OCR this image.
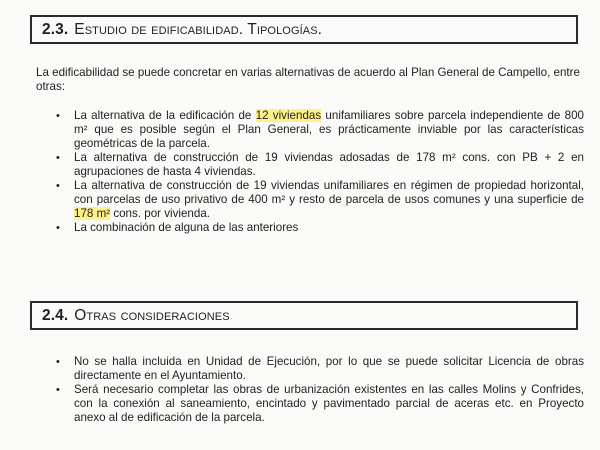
2.3. Estudio de edificabilidad. Tipologías.
La edificabilidad se puede concretar en varias alternativas de acuerdo al Plan General de Campello, entre otras:
• La alternativa de la edificación de 12 viviendas unifamiliares sobre parcela independiente de 800 m² que es posible según el Plan General, es prácticamente inviable por las características geométricas de la parcela.
• La alternativa de construcción de 19 viviendas adosadas de 178 m² cons. con PB + 2 en agrupaciones de hasta 4 viviendas.
• La alternativa de construcción de 19 viviendas unifamiliares en régimen de propiedad horizontal, con parcelas de uso privativo de 400 m² y resto de parcela de usos comunes y una superficie de 178 m² cons. por vivienda.
• La combinación de alguna de las anteriores
2.4. Otras consideraciones
• No se halla incluida en Unidad de Ejecución, por lo que se puede solicitar Licencia de obras directamente en el Ayuntamiento.
• Será necesario completar las obras de urbanización existentes en las calles Molins y Confrides, con la conexión al saneamiento, encintado y pavimentado parcial de aceras etc. en Proyecto anexo al de edificación de la parcela.
